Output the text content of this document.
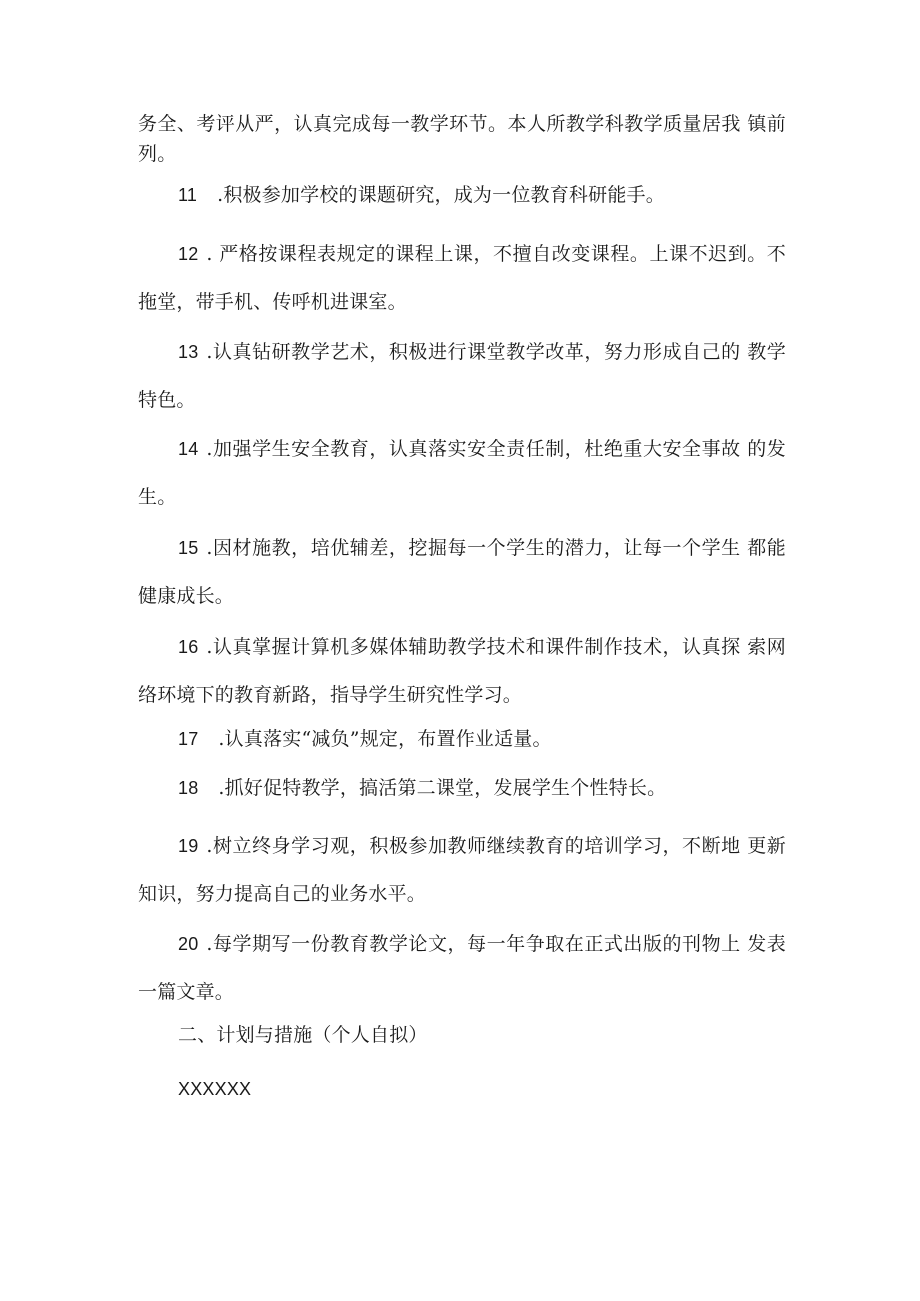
务全、考评从严，认真完成每一教学环节。本人所教学科教学质量居我 镇前列。

11 .积极参加学校的课题研究，成为一位教育科研能手。

12 . 严格按课程表规定的课程上课，不擅自改变课程。上课不迟到。不拖堂，带手机、传呼机进课室。

13 .认真钻研教学艺术，积极进行课堂教学改革，努力形成自己的 教学特色。

14 .加强学生安全教育，认真落实安全责任制，杜绝重大安全事故 的发生。

15 .因材施教，培优辅差，挖掘每一个学生的潜力，让每一个学生 都能健康成长。

16 .认真掌握计算机多媒体辅助教学技术和课件制作技术，认真探 索网络环境下的教育新路，指导学生研究性学习。

17 .认真落实“减负”规定，布置作业适量。

18 .抓好促特教学，搞活第二课堂，发展学生个性特长。

19 .树立终身学习观，积极参加教师继续教育的培训学习，不断地 更新知识，努力提高自己的业务水平。

20 .每学期写一份教育教学论文，每一年争取在正式出版的刊物上 发表一篇文章。

二、计划与措施（个人自拟）

XXXXXX
